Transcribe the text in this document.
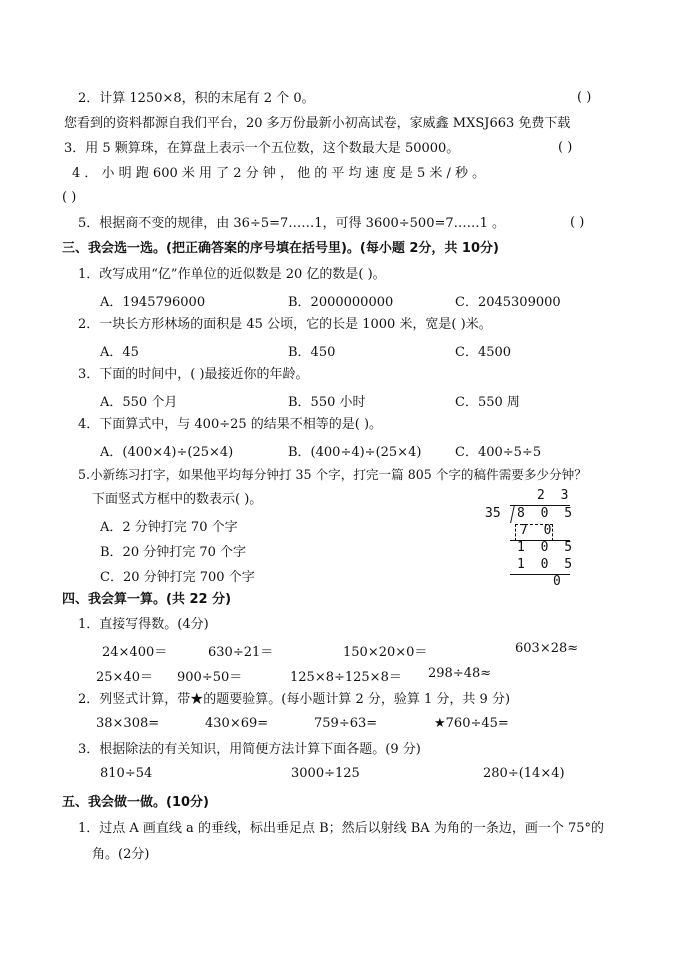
2．计算 1250×8，积的末尾有 2 个 0。	( )
您看到的资料都源自我们平台，20 多万份最新小初高试卷，家威鑫 MXSJ663 免费下载
3．用 5 颗算珠，在算盘上表示一个五位数，这个数最大是 50000。	( )
4 ． 小 明 跑 600 米 用 了 2 分 钟 ， 他 的 平 均 速 度 是 5 米 / 秒 。
( )
5．根据商不变的规律，由 36÷5=7……1，可得 3600÷500=7……1 。	( )
三、我会选一选。(把正确答案的序号填在括号里)。(每小题 2分，共 10分)
1．改写成用“亿”作单位的近似数是 20 亿的数是( )。
A．1945796000	B．2000000000	C．2045309000
2．一块长方形林场的面积是 45 公顷，它的长是 1000 米，宽是( )米。
A．45	B．450	C．4500
3．下面的时间中，( )最接近你的年龄。
A．550 个月	B．550 小时	C．550 周
4．下面算式中，与 400÷25 的结果不相等的是( )。
A．(400×4)÷(25×4)	B．(400÷4)÷(25×4)	C．400÷5÷5
5.小新练习打字，如果他平均每分钟打 35 个字，打完一篇 805 个字的稿件需要多少分钟？
下面竖式方框中的数表示( )。
A．2 分钟打完 70 个字
B．20 分钟打完 70 个字
C．20 分钟打完 700 个字
2 3
35 8 0 5
7 0
1 0 5
1 0 5
0
四、我会算一算。(共 22 分)
1．直接写得数。(4分)
24×400＝	630÷21＝	150×20×0＝	603×28≈
25×40＝ 900÷50＝	125×8÷125×8＝ 298÷48≈
2．列竖式计算，带★的题要验算。(每小题计算 2 分，验算 1 分，共 9 分)
38×308=	430×69=	759÷63=	★760÷45=
3．根据除法的有关知识，用简便方法计算下面各题。(9 分)
810÷54	3000÷125	280÷(14×4)
五、我会做一做。(10分)
1．过点 A 画直线 a 的垂线，标出垂足点 B；然后以射线 BA 为角的一条边，画一个 75°的
角。(2分)
